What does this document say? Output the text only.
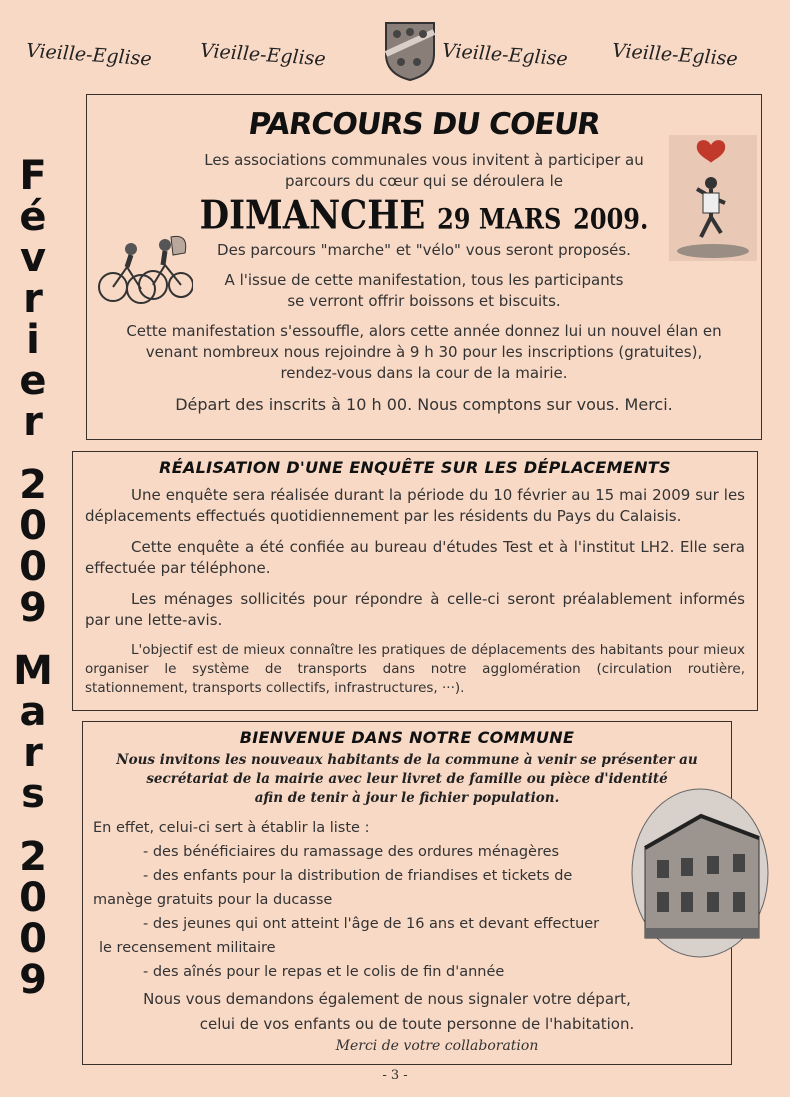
Vieille-Eglise Vieille-Eglise	Vieille-Eglise Vieille-Eglise
F
é
v
r
i
e
r
2
0
0
9
M
a
r
s
2
0
0
9
PARCOURS DU COEUR
Les associations communales vous invitent à participer au
parcours du cœur qui se déroulera le
DIMANCHE 29 MARS 2009.
Des parcours "marche" et "vélo" vous seront proposés.
A l'issue de cette manifestation, tous les participants
se verront offrir boissons et biscuits.
Cette manifestation s'essouffle, alors cette année donnez lui un nouvel élan en
venant nombreux nous rejoindre à 9 h 30 pour les inscriptions (gratuites),
rendez-vous dans la cour de la mairie.
Départ des inscrits à 10 h 00. Nous comptons sur vous. Merci.
RÉALISATION D'UNE ENQUÊTE SUR LES DÉPLACEMENTS
Une enquête sera réalisée durant la période du 10 février au 15 mai 2009 sur les déplacements effectués quotidiennement par les résidents du Pays du Calaisis.
Cette enquête a été confiée au bureau d'études Test et à l'institut LH2. Elle sera effectuée par téléphone.
Les ménages sollicités pour répondre à celle-ci seront préalablement informés par une lette-avis.
L'objectif est de mieux connaître les pratiques de déplacements des habitants pour mieux organiser le système de transports dans notre agglomération (circulation routière, stationnement, transports collectifs, infrastructures, ···).
BIENVENUE DANS NOTRE COMMUNE
Nous invitons les nouveaux habitants de la commune à venir se présenter au
secrétariat de la mairie avec leur livret de famille ou pièce d'identité
afin de tenir à jour le fichier population.
En effet, celui-ci sert à établir la liste :
- des bénéficiaires du ramassage des ordures ménagères
- des enfants pour la distribution de friandises et tickets de
manège gratuits pour la ducasse
- des jeunes qui ont atteint l'âge de 16 ans et devant effectuer
le recensement militaire
- des aînés pour le repas et le colis de fin d'année
Nous vous demandons également de nous signaler votre départ,
celui de vos enfants ou de toute personne de l'habitation.
Merci de votre collaboration
- 3 -
